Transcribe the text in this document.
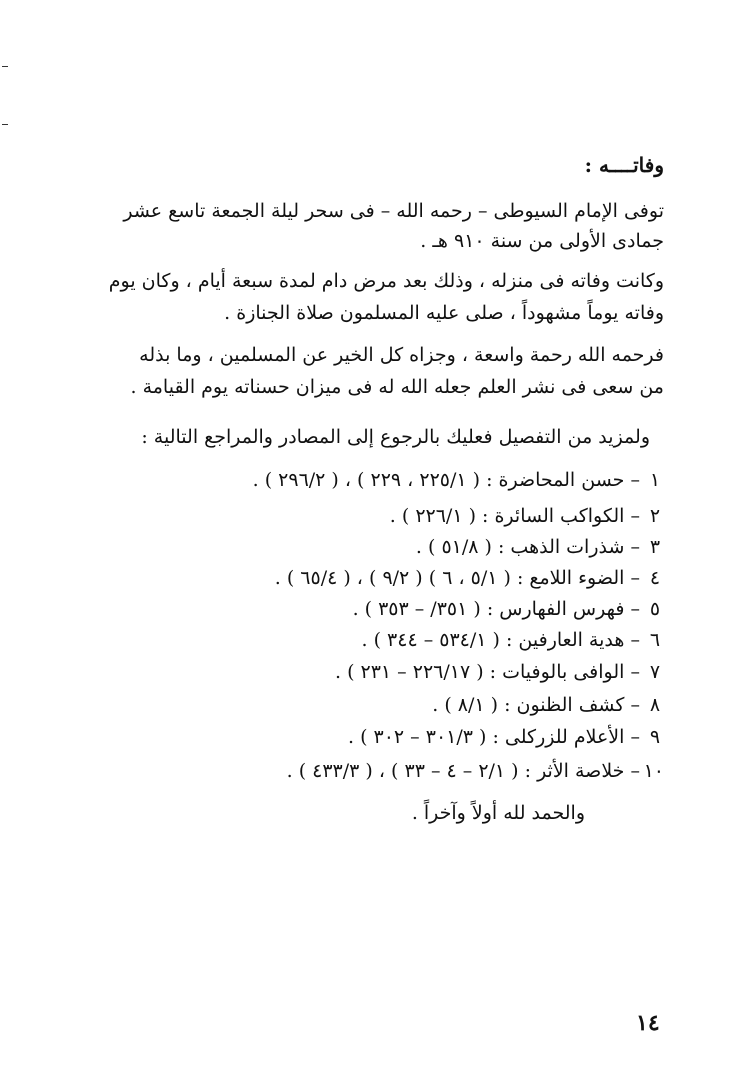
وفاتــــه :
توفى الإمام السيوطى – رحمه الله – فى سحر ليلة الجمعة تاسع عشر
جمادى الأولى من سنة ٩١٠ هـ .
وكانت وفاته فى منزله ، وذلك بعد مرض دام لمدة سبعة أيام ، وكان يوم
وفاته يوماً مشهوداً ، صلى عليه المسلمون صلاة الجنازة .
فرحمه الله رحمة واسعة ، وجزاه كل الخير عن المسلمين ، وما بذله
من سعى فى نشر العلم جعله الله له فى ميزان حسناته يوم القيامة .
ولمزيد من التفصيل فعليك بالرجوع إلى المصادر والمراجع التالية :
١ – حسن المحاضرة : ( ٢٢٥/١ ، ٢٢٩ ) ، ( ٢٩٦/٢ ) .
٢ – الكواكب السائرة : ( ٢٢٦/١ ) .
٣ – شذرات الذهب : ( ٥١/٨ ) .
٤ – الضوء اللامع : ( ٥/١ ، ٦ ) ( ٩/٢ ) ، ( ٦٥/٤ ) .
٥ – فهرس الفهارس : ( ٣٥١/ – ٣٥٣ ) .
٦ – هدية العارفين : ( ٥٣٤/١ – ٣٤٤ ) .
٧ – الوافى بالوفيات : ( ٢٢٦/١٧ – ٢٣١ ) .
٨ – كشف الظنون : ( ٨/١ ) .
٩ – الأعلام للزركلى : ( ٣٠١/٣ – ٣٠٢ ) .
١٠ – خلاصة الأثر : ( ٢/١ – ٤ – ٣٣ ) ، ( ٤٣٣/٣ ) .
والحمد لله أولاً وآخراً .
١٤
